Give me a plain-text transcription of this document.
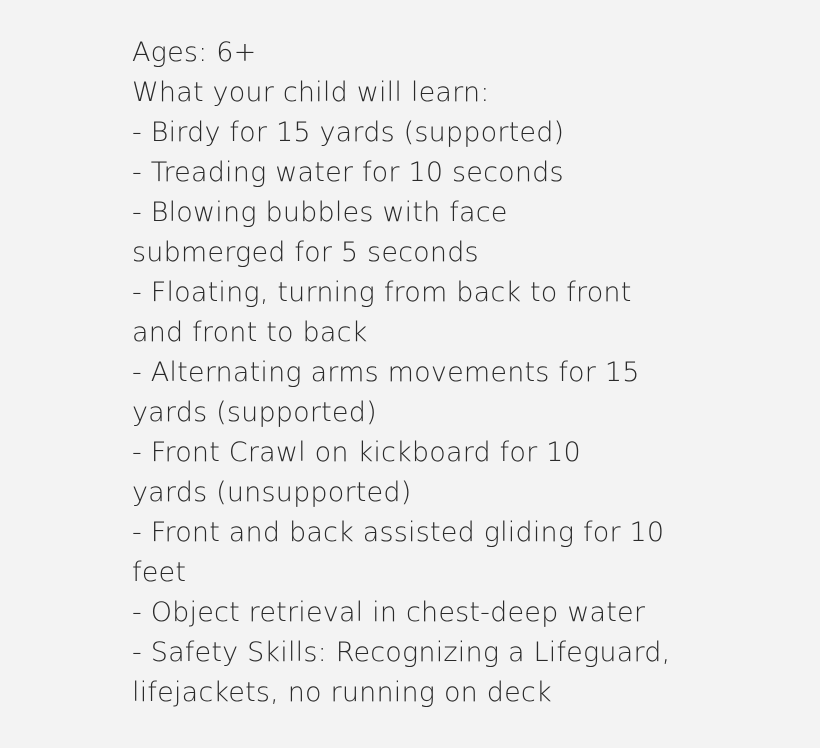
Ages: 6+
What your child will learn:
- Birdy for 15 yards (supported)
- Treading water for 10 seconds
- Blowing bubbles with face
submerged for 5 seconds
- Floating, turning from back to front
and front to back
- Alternating arms movements for 15
yards (supported)
- Front Crawl on kickboard for 10
yards (unsupported)
- Front and back assisted gliding for 10
feet
- Object retrieval in chest-deep water
- Safety Skills: Recognizing a Lifeguard,
lifejackets, no running on deck
